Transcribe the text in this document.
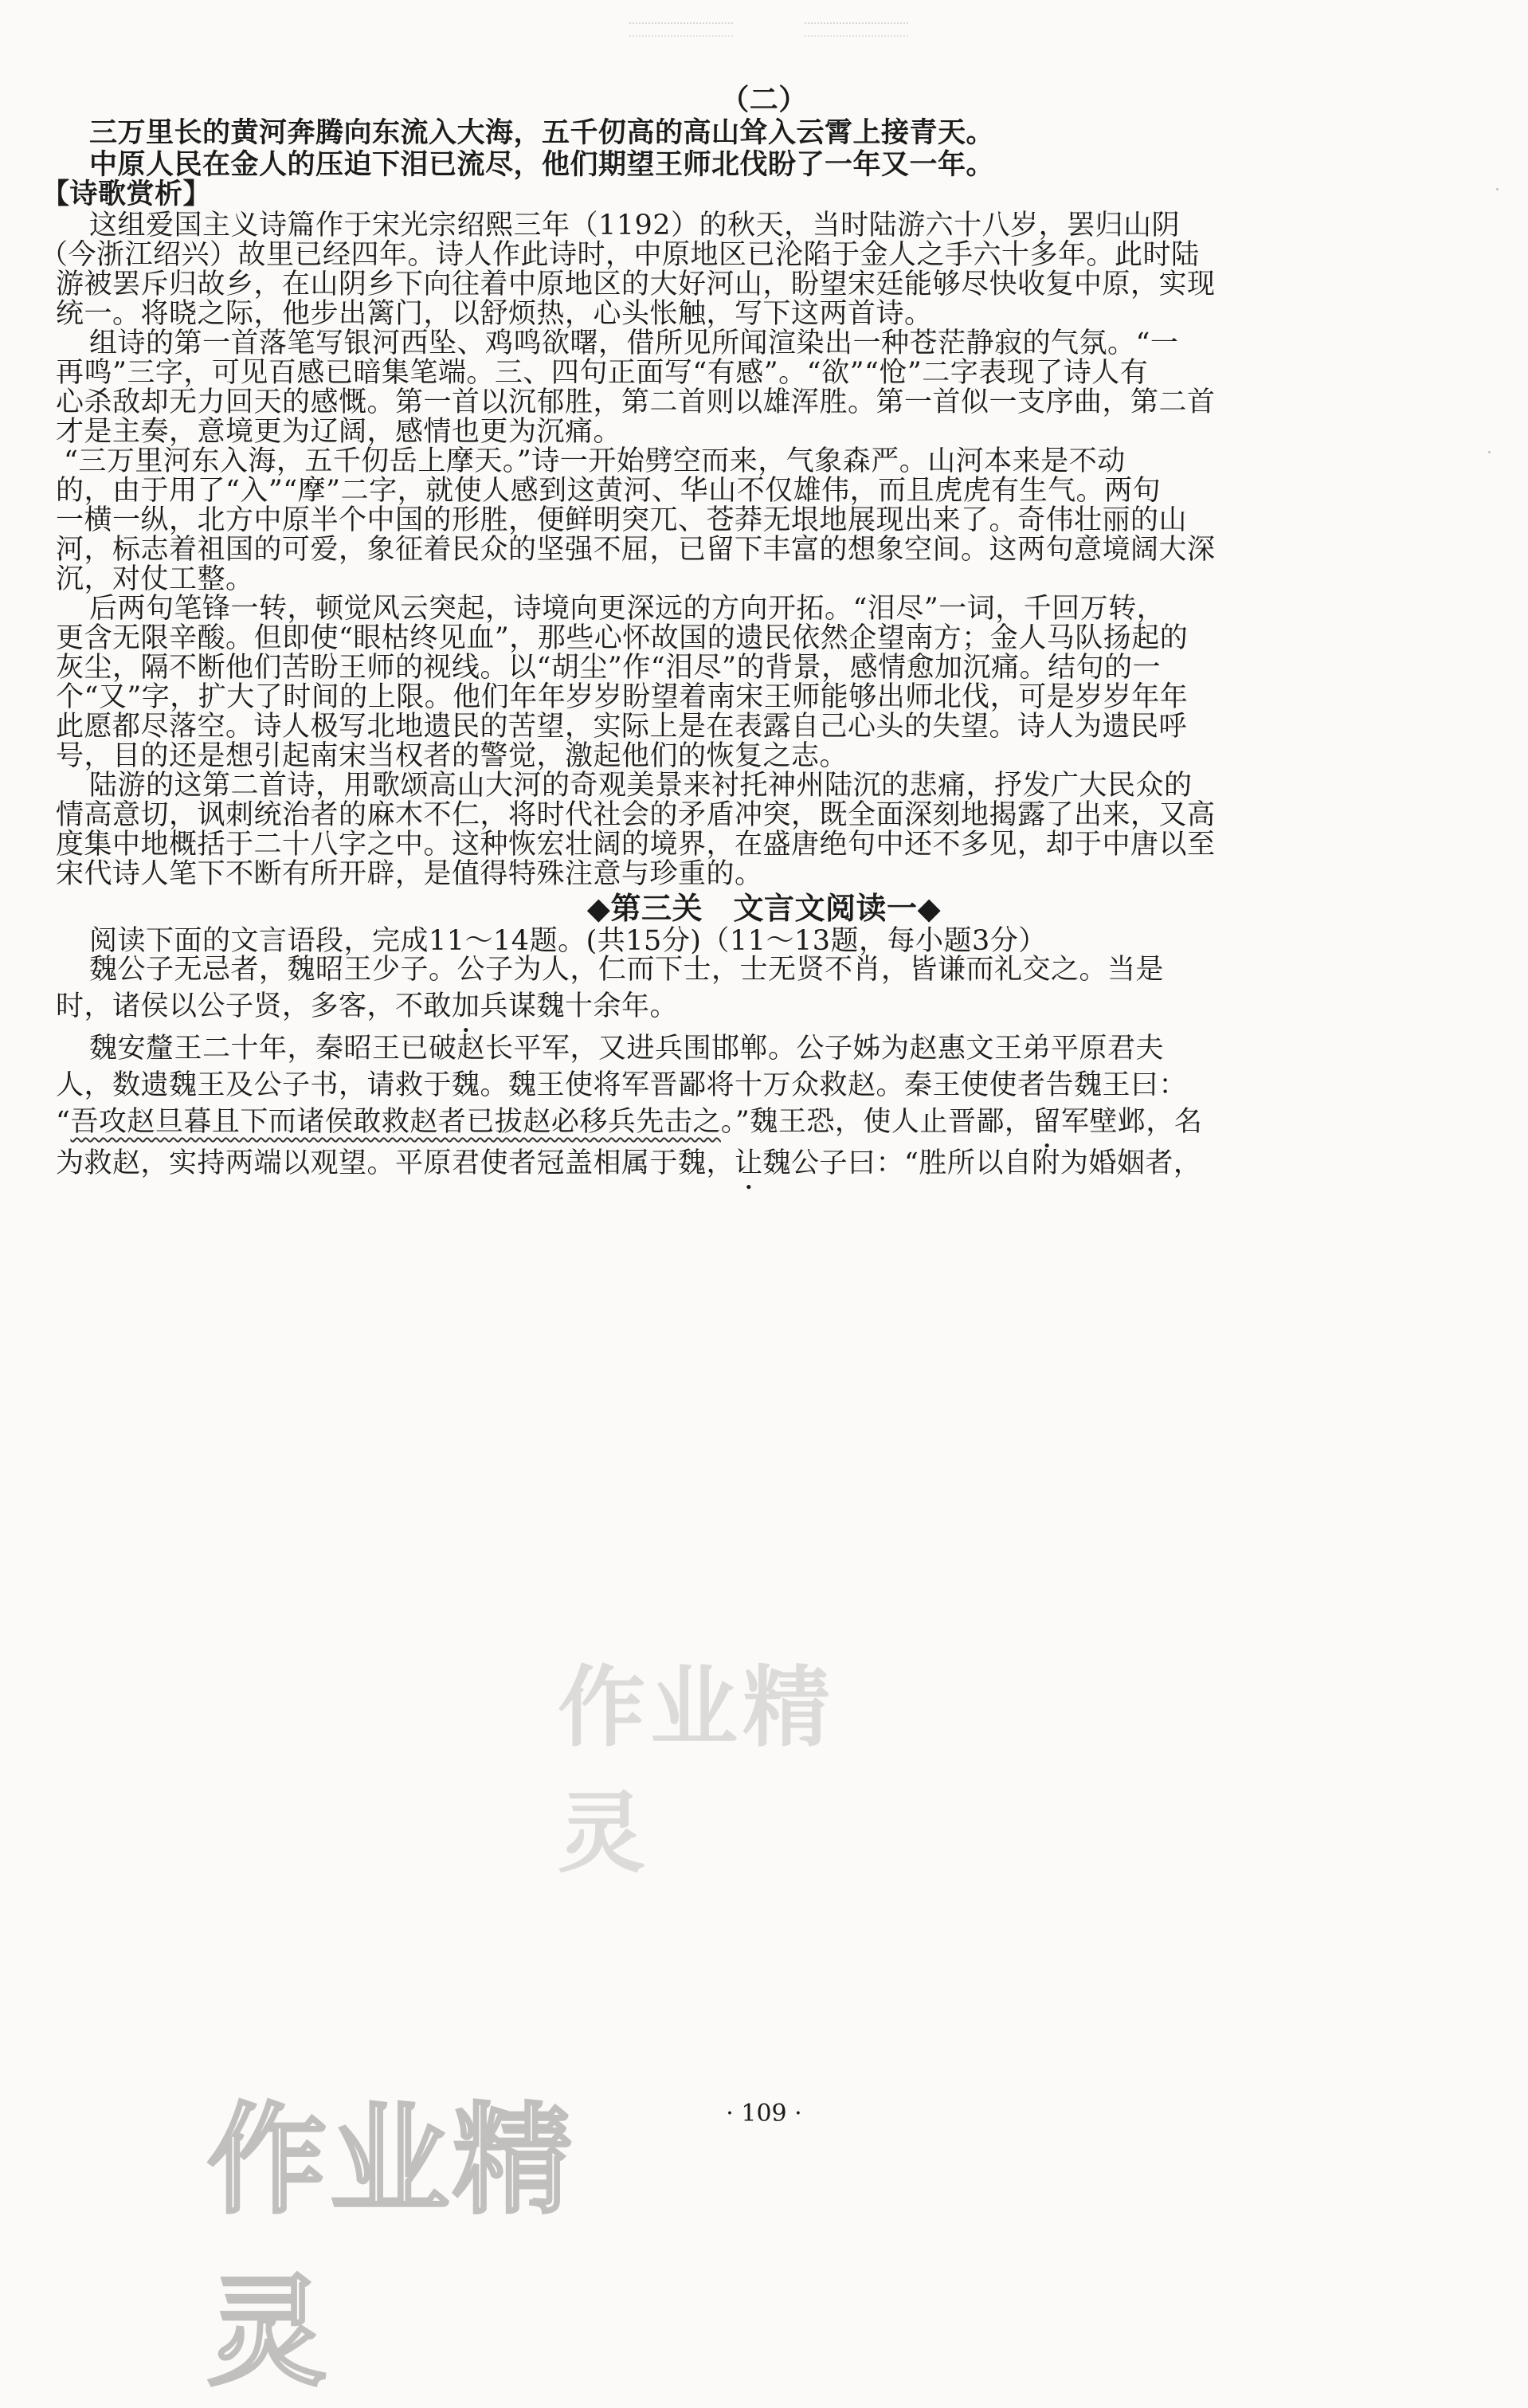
（二）
三万里长的黄河奔腾向东流入大海，五千仞高的高山耸入云霄上接青天。
中原人民在金人的压迫下泪已流尽，他们期望王师北伐盼了一年又一年。
【诗歌赏析】
这组爱国主义诗篇作于宋光宗绍熙三年（1192）的秋天，当时陆游六十八岁，罢归山阴
（今浙江绍兴）故里已经四年。诗人作此诗时，中原地区已沦陷于金人之手六十多年。此时陆
游被罢斥归故乡，在山阴乡下向往着中原地区的大好河山，盼望宋廷能够尽快收复中原，实现
统一。将晓之际，他步出篱门，以舒烦热，心头怅触，写下这两首诗。
组诗的第一首落笔写银河西坠、鸡鸣欲曙，借所见所闻渲染出一种苍茫静寂的气氛。“一
再鸣”三字，可见百感已暗集笔端。三、四句正面写“有感”。“欲”“怆”二字表现了诗人有
心杀敌却无力回天的感慨。第一首以沉郁胜，第二首则以雄浑胜。第一首似一支序曲，第二首
才是主奏，意境更为辽阔，感情也更为沉痛。
“三万里河东入海，五千仞岳上摩天。”诗一开始劈空而来，气象森严。山河本来是不动
的，由于用了“入”“摩”二字，就使人感到这黄河、华山不仅雄伟，而且虎虎有生气。两句
一横一纵，北方中原半个中国的形胜，便鲜明突兀、苍莽无垠地展现出来了。奇伟壮丽的山
河，标志着祖国的可爱，象征着民众的坚强不屈，已留下丰富的想象空间。这两句意境阔大深
沉，对仗工整。
后两句笔锋一转，顿觉风云突起，诗境向更深远的方向开拓。“泪尽”一词，千回万转，
更含无限辛酸。但即使“眼枯终见血”，那些心怀故国的遗民依然企望南方；金人马队扬起的
灰尘，隔不断他们苦盼王师的视线。以“胡尘”作“泪尽”的背景，感情愈加沉痛。结句的一
个“又”字，扩大了时间的上限。他们年年岁岁盼望着南宋王师能够出师北伐，可是岁岁年年
此愿都尽落空。诗人极写北地遗民的苦望，实际上是在表露自己心头的失望。诗人为遗民呼
号，目的还是想引起南宋当权者的警觉，激起他们的恢复之志。
陆游的这第二首诗，用歌颂高山大河的奇观美景来衬托神州陆沉的悲痛，抒发广大民众的
情高意切，讽刺统治者的麻木不仁，将时代社会的矛盾冲突，既全面深刻地揭露了出来，又高
度集中地概括于二十八字之中。这种恢宏壮阔的境界，在盛唐绝句中还不多见，却于中唐以至
宋代诗人笔下不断有所开辟，是值得特殊注意与珍重的。
◆第三关　文言文阅读一◆
阅读下面的文言语段，完成11～14题。(共15分)（11～13题，每小题3分）
魏公子无忌者，魏昭王少子。公子为人，仁而下士，士无贤不肖，皆谦而礼交之。当是
时，诸侯以公子贤，多客，不敢加兵谋魏十余年。
魏安釐王二十年，秦昭王已破赵长平军，又进兵围邯郸。公子姊为赵惠文王弟平原君夫
人，数遗魏王及公子书，请救于魏。魏王使将军晋鄙将十万众救赵。秦王使使者告魏王曰：
“吾攻赵旦暮且下而诸侯敢救赵者已拔赵必移兵先击之。”魏王恐，使人止晋鄙，留军壁邺，名
为救赵，实持两端以观望。平原君使者冠盖相属于魏，让魏公子曰：“胜所以自附为婚姻者，
· 109 ·
作业精灵
作业精灵
